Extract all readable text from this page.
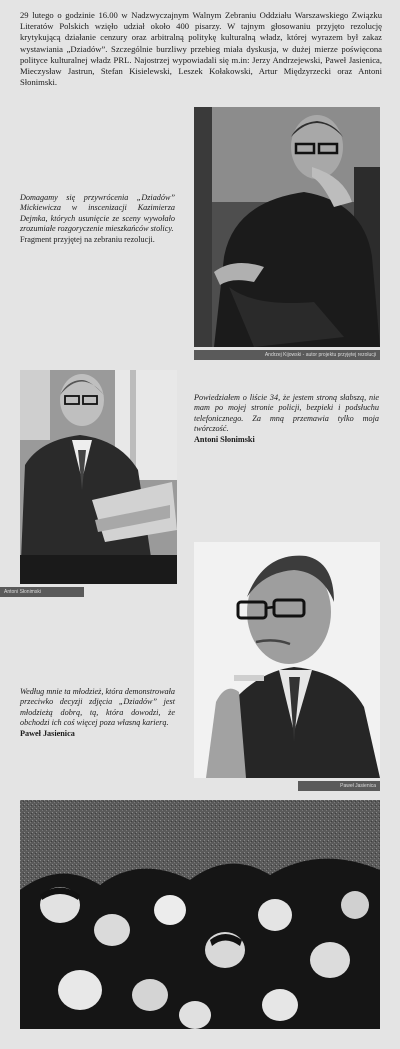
29 lutego o godzinie 16.00 w Nadzwyczajnym Walnym Zebraniu Oddziału Warszawskiego Związku Literatów Polskich wzięło udział około 400 pisarzy. W tajnym głosowaniu przyjęto rezolucję krytykującą działanie cenzury oraz arbitralną politykę kulturalną władz, której wyrazem był zakaz wystawiania „Dziadów”. Szczególnie burzliwy przebieg miała dyskusja, w dużej mierze poświęcona polityce kulturalnej władz PRL. Najostrzej wypowiadali się m.in: Jerzy Andrzejewski, Paweł Jasienica, Mieczysław Jastrun, Stefan Kisielewski, Leszek Kołakowski, Artur Międzyrzecki oraz Antoni Słonimski.

Domagamy się przywrócenia „Dziadów” Mickiewicza w inscenizacji Kazimierza Dejmka, których usunięcie ze sceny wywołało zrozumiałe rozgoryczenie mieszkańców stolicy.
Fragment przyjętej na zebraniu rezolucji.
Andrzej Kijowski - autor projektu przyjętej rezolucji
Antoni Słonimski
Powiedziałem o liście 34, że jestem stroną słabszą, nie mam po mojej stronie policji, bezpieki i podsłuchu telefonicznego. Za mną przemawia tylko moja twórczość.
Antoni Słonimski
Według mnie ta młodzież, która demonstrowała przeciwko decyzji zdjęcia „Dziadów” jest młodzieżą dobrą, tą, która dowodzi, że obchodzi ich coś więcej poza własną karierą.
Paweł Jasienica
Paweł Jasienica
